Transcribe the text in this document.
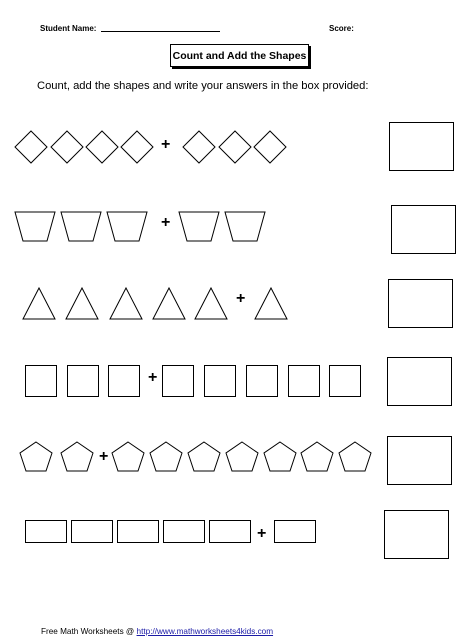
Student Name:	Score:
Count and Add the Shapes
Count, add the shapes and write your answers in the box provided:
+
+
+
+
+
+
Free Math Worksheets @ http://www.mathworksheets4kids.com
